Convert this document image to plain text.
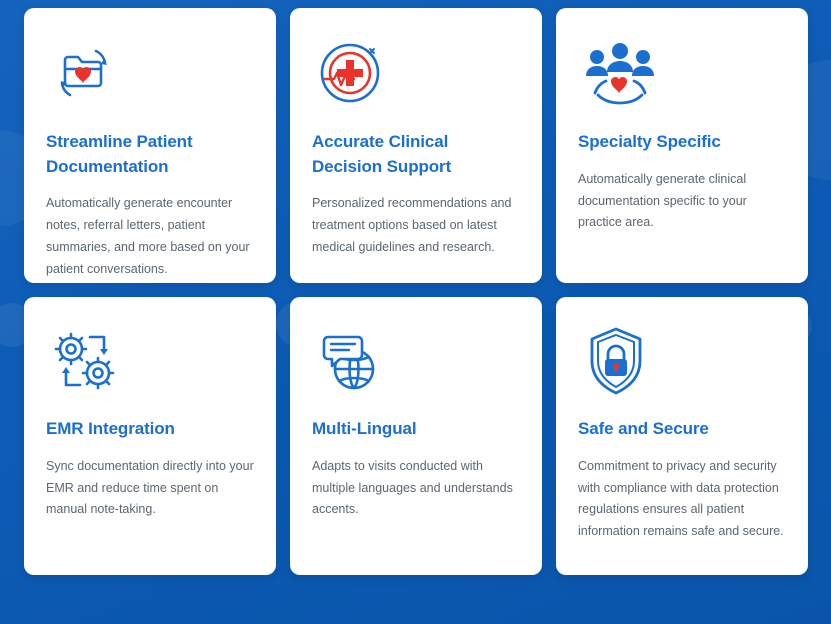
Streamline Patient Documentation

Automatically generate encounter notes, referral letters, patient summaries, and more based on your patient conversations.

Accurate Clinical Decision Support

Personalized recommendations and treatment options based on latest medical guidelines and research.

Specialty Specific

Automatically generate clinical documentation specific to your practice area.

EMR Integration

Sync documentation directly into your EMR and reduce time spent on manual note-taking.

Multi-Lingual

Adapts to visits conducted with multiple languages and understands accents.

Safe and Secure

Commitment to privacy and security with compliance with data protection regulations ensures all patient information remains safe and secure.
